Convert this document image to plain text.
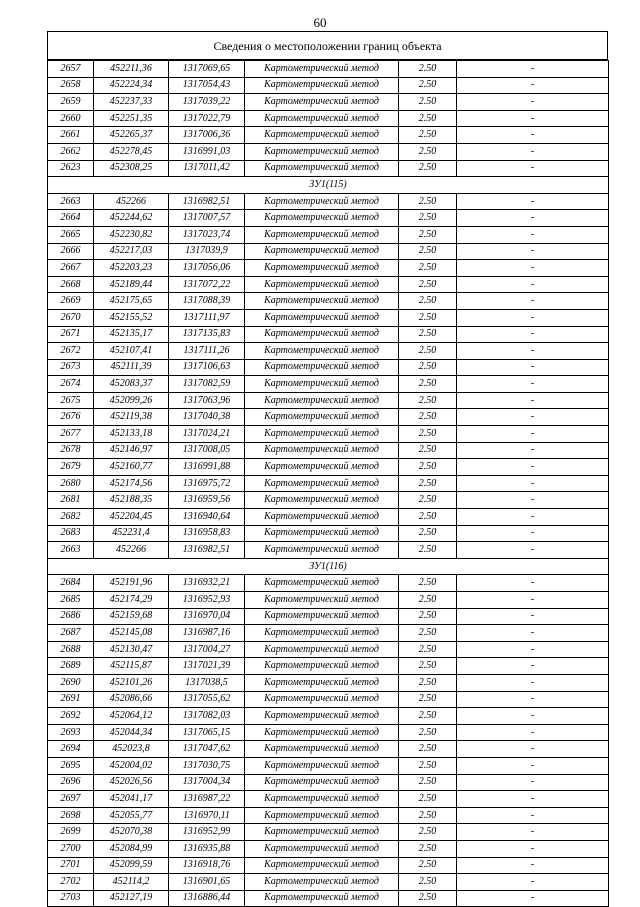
60
Сведения о местоположении границ объекта
2657	452211,36	1317069,65	Картометрический метод	2.50	-
2658	452224,34	1317054,43	Картометрический метод	2.50	-
2659	452237,33	1317039,22	Картометрический метод	2.50	-
2660	452251,35	1317022,79	Картометрический метод	2.50	-
2661	452265,37	1317006,36	Картометрический метод	2.50	-
2662	452278,45	1316991,03	Картометрический метод	2.50	-
2623	452308,25	1317011,42	Картометрический метод	2.50	-
ЗУ1(115)					
2663	452266	1316982,51	Картометрический метод	2.50	-
2664	452244,62	1317007,57	Картометрический метод	2.50	-
2665	452230,82	1317023,74	Картометрический метод	2.50	-
2666	452217,03	1317039,9	Картометрический метод	2.50	-
2667	452203,23	1317056,06	Картометрический метод	2.50	-
2668	452189,44	1317072,22	Картометрический метод	2.50	-
2669	452175,65	1317088,39	Картометрический метод	2.50	-
2670	452155,52	1317111,97	Картометрический метод	2.50	-
2671	452135,17	1317135,83	Картометрический метод	2.50	-
2672	452107,41	1317111,26	Картометрический метод	2.50	-
2673	452111,39	1317106,63	Картометрический метод	2.50	-
2674	452083,37	1317082,59	Картометрический метод	2.50	-
2675	452099,26	1317063,96	Картометрический метод	2.50	-
2676	452119,38	1317040,38	Картометрический метод	2.50	-
2677	452133,18	1317024,21	Картометрический метод	2.50	-
2678	452146,97	1317008,05	Картометрический метод	2.50	-
2679	452160,77	1316991,88	Картометрический метод	2.50	-
2680	452174,56	1316975,72	Картометрический метод	2.50	-
2681	452188,35	1316959,56	Картометрический метод	2.50	-
2682	452204,45	1316940,64	Картометрический метод	2.50	-
2683	452231,4	1316958,83	Картометрический метод	2.50	-
2663	452266	1316982,51	Картометрический метод	2.50	-
ЗУ1(116)					
2684	452191,96	1316932,21	Картометрический метод	2.50	-
2685	452174,29	1316952,93	Картометрический метод	2.50	-
2686	452159,68	1316970,04	Картометрический метод	2.50	-
2687	452145,08	1316987,16	Картометрический метод	2.50	-
2688	452130,47	1317004,27	Картометрический метод	2.50	-
2689	452115,87	1317021,39	Картометрический метод	2.50	-
2690	452101,26	1317038,5	Картометрический метод	2.50	-
2691	452086,66	1317055,62	Картометрический метод	2.50	-
2692	452064,12	1317082,03	Картометрический метод	2.50	-
2693	452044,34	1317065,15	Картометрический метод	2.50	-
2694	452023,8	1317047,62	Картометрический метод	2.50	-
2695	452004,02	1317030,75	Картометрический метод	2.50	-
2696	452026,56	1317004,34	Картометрический метод	2.50	-
2697	452041,17	1316987,22	Картометрический метод	2.50	-
2698	452055,77	1316970,11	Картометрический метод	2.50	-
2699	452070,38	1316952,99	Картометрический метод	2.50	-
2700	452084,99	1316935,88	Картометрический метод	2.50	-
2701	452099,59	1316918,76	Картометрический метод	2.50	-
2702	452114,2	1316901,65	Картометрический метод	2.50	-
2703	452127,19	1316886,44	Картометрический метод	2.50	-
